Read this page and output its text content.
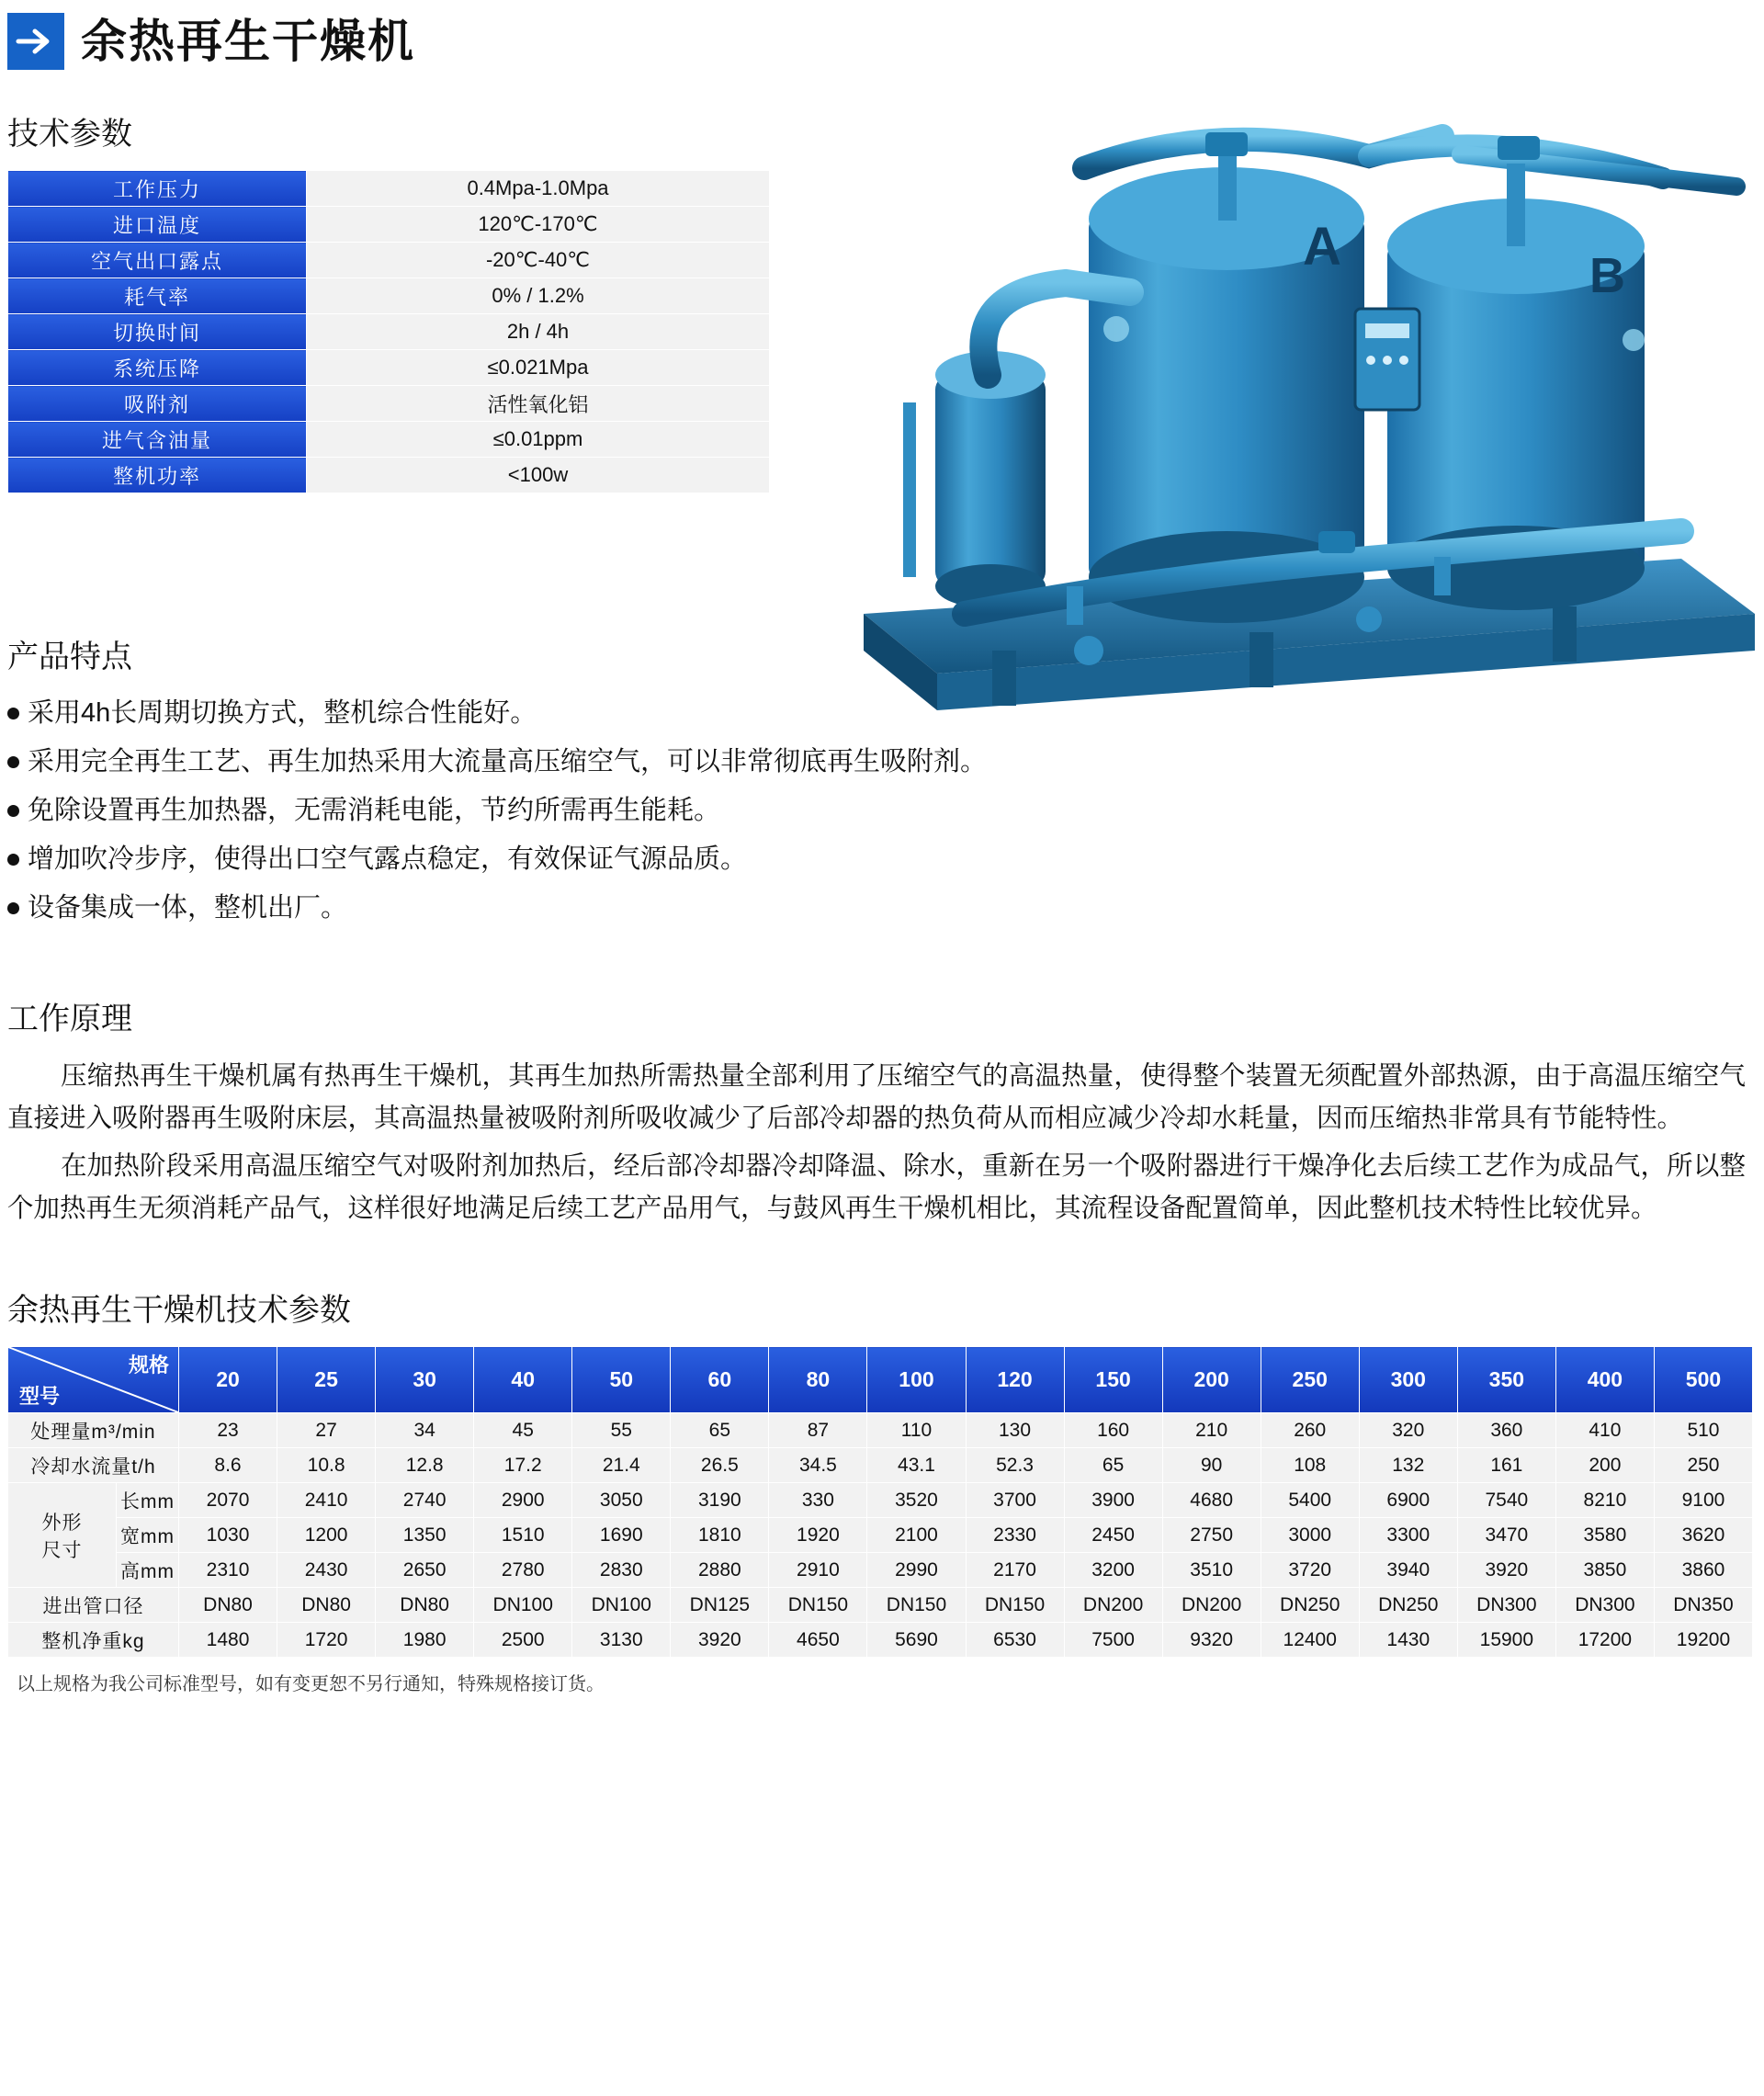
余热再生干燥机
技术参数
工作压力	0.4Mpa-1.0Mpa
进口温度	120℃-170℃
空气出口露点	-20℃-40℃
耗气率	0% / 1.2%
切换时间	2h / 4h
系统压降	≤0.021Mpa
吸附剂	活性氧化铝
进气含油量	≤0.01ppm
整机功率	<100w
A	B
产品特点
采用4h长周期切换方式，整机综合性能好。
采用完全再生工艺、再生加热采用大流量高压缩空气，可以非常彻底再生吸附剂。
免除设置再生加热器，无需消耗电能，节约所需再生能耗。
增加吹冷步序，使得出口空气露点稳定，有效保证气源品质。
设备集成一体，整机出厂。
工作原理

压缩热再生干燥机属有热再生干燥机，其再生加热所需热量全部利用了压缩空气的高温热量，使得整个装置无须配置外部热源，由于高温压缩空气直接进入吸附器再生吸附床层，其高温热量被吸附剂所吸收减少了后部冷却器的热负荷从而相应减少冷却水耗量，因而压缩热非常具有节能特性。

在加热阶段采用高温压缩空气对吸附剂加热后，经后部冷却器冷却降温、除水，重新在另一个吸附器进行干燥净化去后续工艺作为成品气，所以整个加热再生无须消耗产品气，这样很好地满足后续工艺产品用气，与鼓风再生干燥机相比，其流程设备配置简单，因此整机技术特性比较优异。

余热再生干燥机技术参数
规格
型号		20	25	30	40	50	60	80	100	120	150	200	250	300	350	400	500
处理量m³/min		23	27	34	45	55	65	87	110	130	160	210	260	320	360	410	510
冷却水流量t/h		8.6	10.8	12.8	17.2	21.4	26.5	34.5	43.1	52.3	65	90	108	132	161	200	250
外形
尺寸	长mm	2070	2410	2740	2900	3050	3190	330	3520	3700	3900	4680	5400	6900	7540	8210	9100
	宽mm	1030	1200	1350	1510	1690	1810	1920	2100	2330	2450	2750	3000	3300	3470	3580	3620
	高mm	2310	2430	2650	2780	2830	2880	2910	2990	2170	3200	3510	3720	3940	3920	3850	3860
进出管口径		DN80	DN80	DN80	DN100	DN100	DN125	DN150	DN150	DN150	DN200	DN200	DN250	DN250	DN300	DN300	DN350
整机净重kg		1480	1720	1980	2500	3130	3920	4650	5690	6530	7500	9320	12400	1430	15900	17200	19200
以上规格为我公司标准型号，如有变更恕不另行通知，特殊规格接订货。
